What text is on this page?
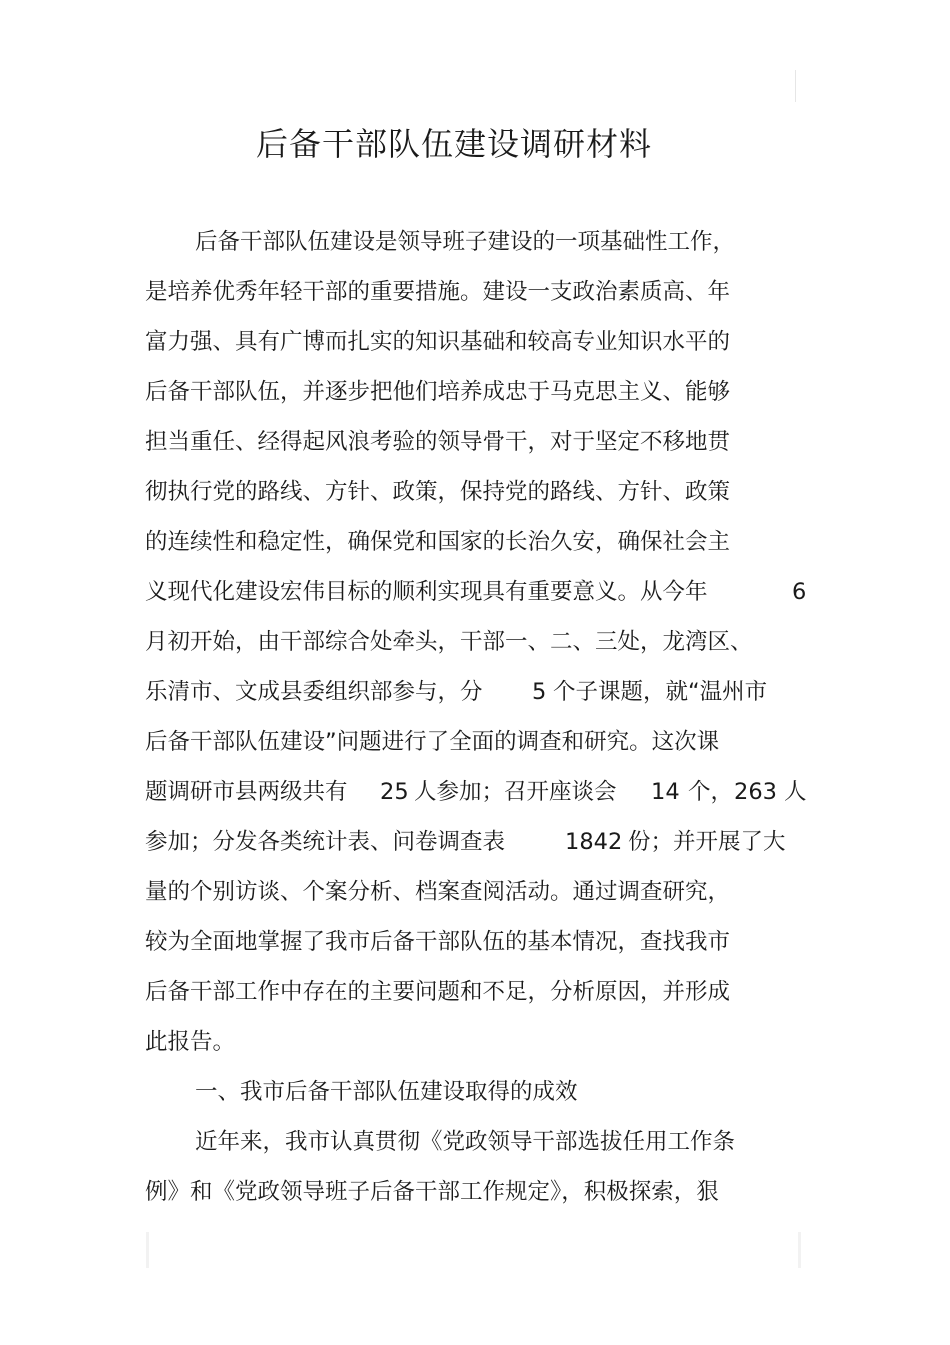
后备干部队伍建设调研材料
后备干部队伍建设是领导班子建设的一项基础性工作，
是培养优秀年轻干部的重要措施。建设一支政治素质高、年
富力强、具有广博而扎实的知识基础和较高专业知识水平的
后备干部队伍，并逐步把他们培养成忠于马克思主义、能够
担当重任、经得起风浪考验的领导骨干，对于坚定不移地贯
彻执行党的路线、方针、政策，保持党的路线、方针、政策
的连续性和稳定性，确保党和国家的长治久安，确保社会主
义现代化建设宏伟目标的顺利实现具有重要意义。从今年	6
月初开始，由干部综合处牵头，干部一、二、三处，龙湾区、
乐清市、文成县委组织部参与，分 5 个子课题，就“温州市
后备干部队伍建设”问题进行了全面的调查和研究。这次课
题调研市县两级共有 25 人参加；召开座谈会 14 个， 263 人
参加；分发各类统计表、问卷调查表	1842 份；并开展了大
量的个别访谈、个案分析、档案查阅活动。通过调查研究，
较为全面地掌握了我市后备干部队伍的基本情况，查找我市
后备干部工作中存在的主要问题和不足，分析原因，并形成
此报告。
一、我市后备干部队伍建设取得的成效
近年来，我市认真贯彻《党政领导干部选拔任用工作条
例》和《党政领导班子后备干部工作规定》，积极探索，狠
